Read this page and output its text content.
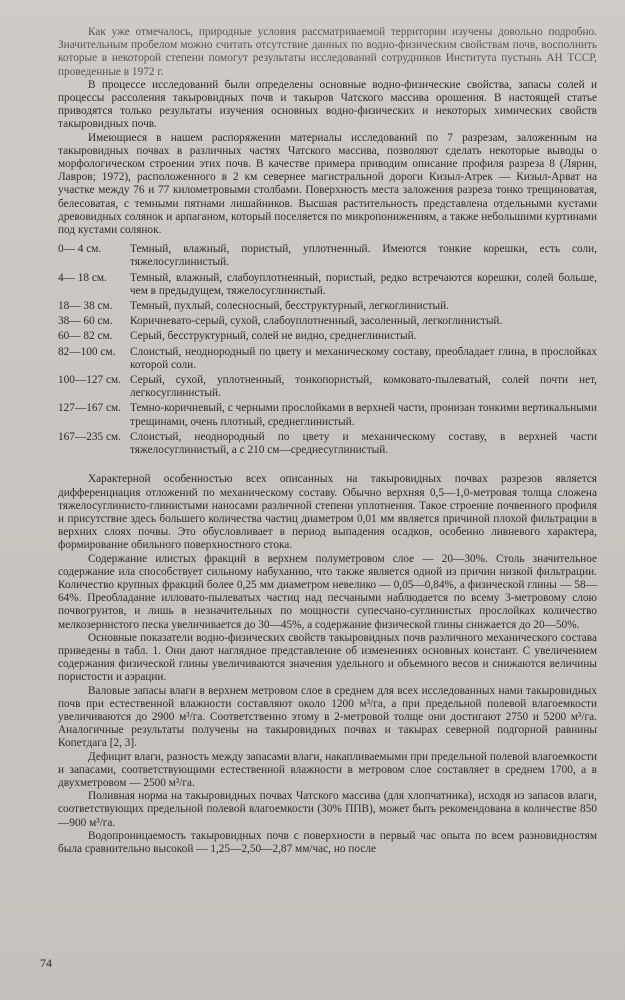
Как уже отмечалось, природные условия рассматриваемой территории изучены довольно подробно. Значительным пробелом можно считать отсутствие данных по водно-физическим свойствам почв, восполнить которые в некоторой степени помогут результаты исследований сотрудников Института пустынь АН ТССР, проведенные в 1972 г.

В процессе исследований были определены основные водно-физические свойства, запасы солей и процессы рассоления такыровидных почв и такыров Чатского массива орошения. В настоящей статье приводятся только результаты изучения основных водно-физических и некоторых химических свойств такыровидных почв.

Имеющиеся в нашем распоряжении материалы исследований по 7 разрезам, заложенным на такыровидных почвах в различных частях Чатского массива, позволяют сделать некоторые выводы о морфологическом строении этих почв. В качестве примера приводим описание профиля разреза 8 (Лярин, Лавров; 1972), расположенного в 2 км севернее магистральной дороги Кизыл-Атрек — Кизыл-Арват на участке между 76 и 77 километровыми столбами. Поверхность места заложения разреза тонко трещиноватая, белесоватая, с темными пятнами лишайников. Высшая растительность представлена отдельными кустами древовидных солянок и арпаганом, который поселяется по микропонижениям, а также небольшими куртинами под кустами солянок.

0— 4 см.	Темный, влажный, пористый, уплотненный. Имеются тонкие корешки, есть соли, тяжелосуглинистый.
4— 18 см.	Темный, влажный, слабоуплотненный, пористый, редко встречаются корешки, солей больше, чем в предыдущем, тяжелосуглинистый.
18— 38 см.	Темный, пухлый, солесносный, бесструктурный, легкоглинистый.
38— 60 см.	Коричневато-серый, сухой, слабоуплотненный, засоленный, легкоглинистый.
60— 82 см.	Серый, бесструктурный, солей не видно, среднеглинистый.
82—100 см.	Слоистый, неоднородный по цвету и механическому составу, преобладает глина, в прослойках которой соли.
100—127 см. Серый, сухой, уплотненный, тонкопористый, комковато-пылеватый, солей почти нет, легкосуглинистый.
127—167 см. Темно-коричневый, с черными прослойками в верхней части, пронизан тонкими вертикальными трещинами, очень плотный, среднеглинистый.
167—235 см. Слоистый, неоднородный по цвету и механическому составу, в верхней части тяжелосуглинистый, а с 210 см—среднесуглинистый.

Характерной особенностью всех описанных на такыровидных почвах разрезов является дифференциация отложений по механическому составу. Обычно верхняя 0,5—1,0-метровая толща сложена тяжелосуглинисто-глинистыми наносами различной степени уплотнения. Такое строение почвенного профиля и присутствие здесь большего количества частиц диаметром 0,01 мм является причиной плохой фильтрации в верхних слоях почвы. Это обусловливает в период выпадения осадков, особенно ливневого характера, формирование обильного поверхностного стока.

Содержание илистых фракций в верхнем полуметровом слое — 20—30%. Столь значительное содержание ила способствует сильному набуханию, что также является одной из причин низкой фильтрации. Количество крупных фракций более 0,25 мм диаметром невелико — 0,05—0,84%, а физической глины — 58—64%. Преобладание илловато-пылеватых частиц над песчаными наблюдается по всему 3-метровому слою почвогрунтов, и лишь в незначительных по мощности супесчано-суглинистых прослойках количество мелкозернистого песка увеличивается до 30—45%, а содержание физической глины снижается до 20—50%.

Основные показатели водно-физических свойств такыровидных почв различного механического состава приведены в табл. 1. Они дают наглядное представление об изменениях основных констант. С увеличением содержания физической глины увеличиваются значения удельного и объемного весов и снижаются величины пористости и аэрации.

Валовые запасы влаги в верхнем метровом слое в среднем для всех исследованных нами такыровидных почв при естественной влажности составляют около 1200 м³/га, а при предельной полевой влагоемкости увеличиваются до 2900 м³/га. Соответственно этому в 2-метровой толще они достигают 2750 и 5200 м³/га. Аналогичные результаты получены на такыровидных почвах и такырах северной подгорной равнины Копетдага [2, 3].

Дефицит влаги, разность между запасами влаги, накапливаемыми при предельной полевой влагоемкости и запасами, соответствующими естественной влажности в метровом слое составляет в среднем 1700, а в двухметровом — 2500 м³/га.

Поливная норма на такыровидных почвах Чатского массива (для хлопчатника), исходя из запасов влаги, соответствующих предельной полевой влагоемкости (30% ППВ), может быть рекомендована в количестве 850—900 м³/га.

Водопроницаемость такыровидных почв с поверхности в первый час опыта по всем разновидностям была сравнительно высокой — 1,25—2,50—2,87 мм/час, но после

74
